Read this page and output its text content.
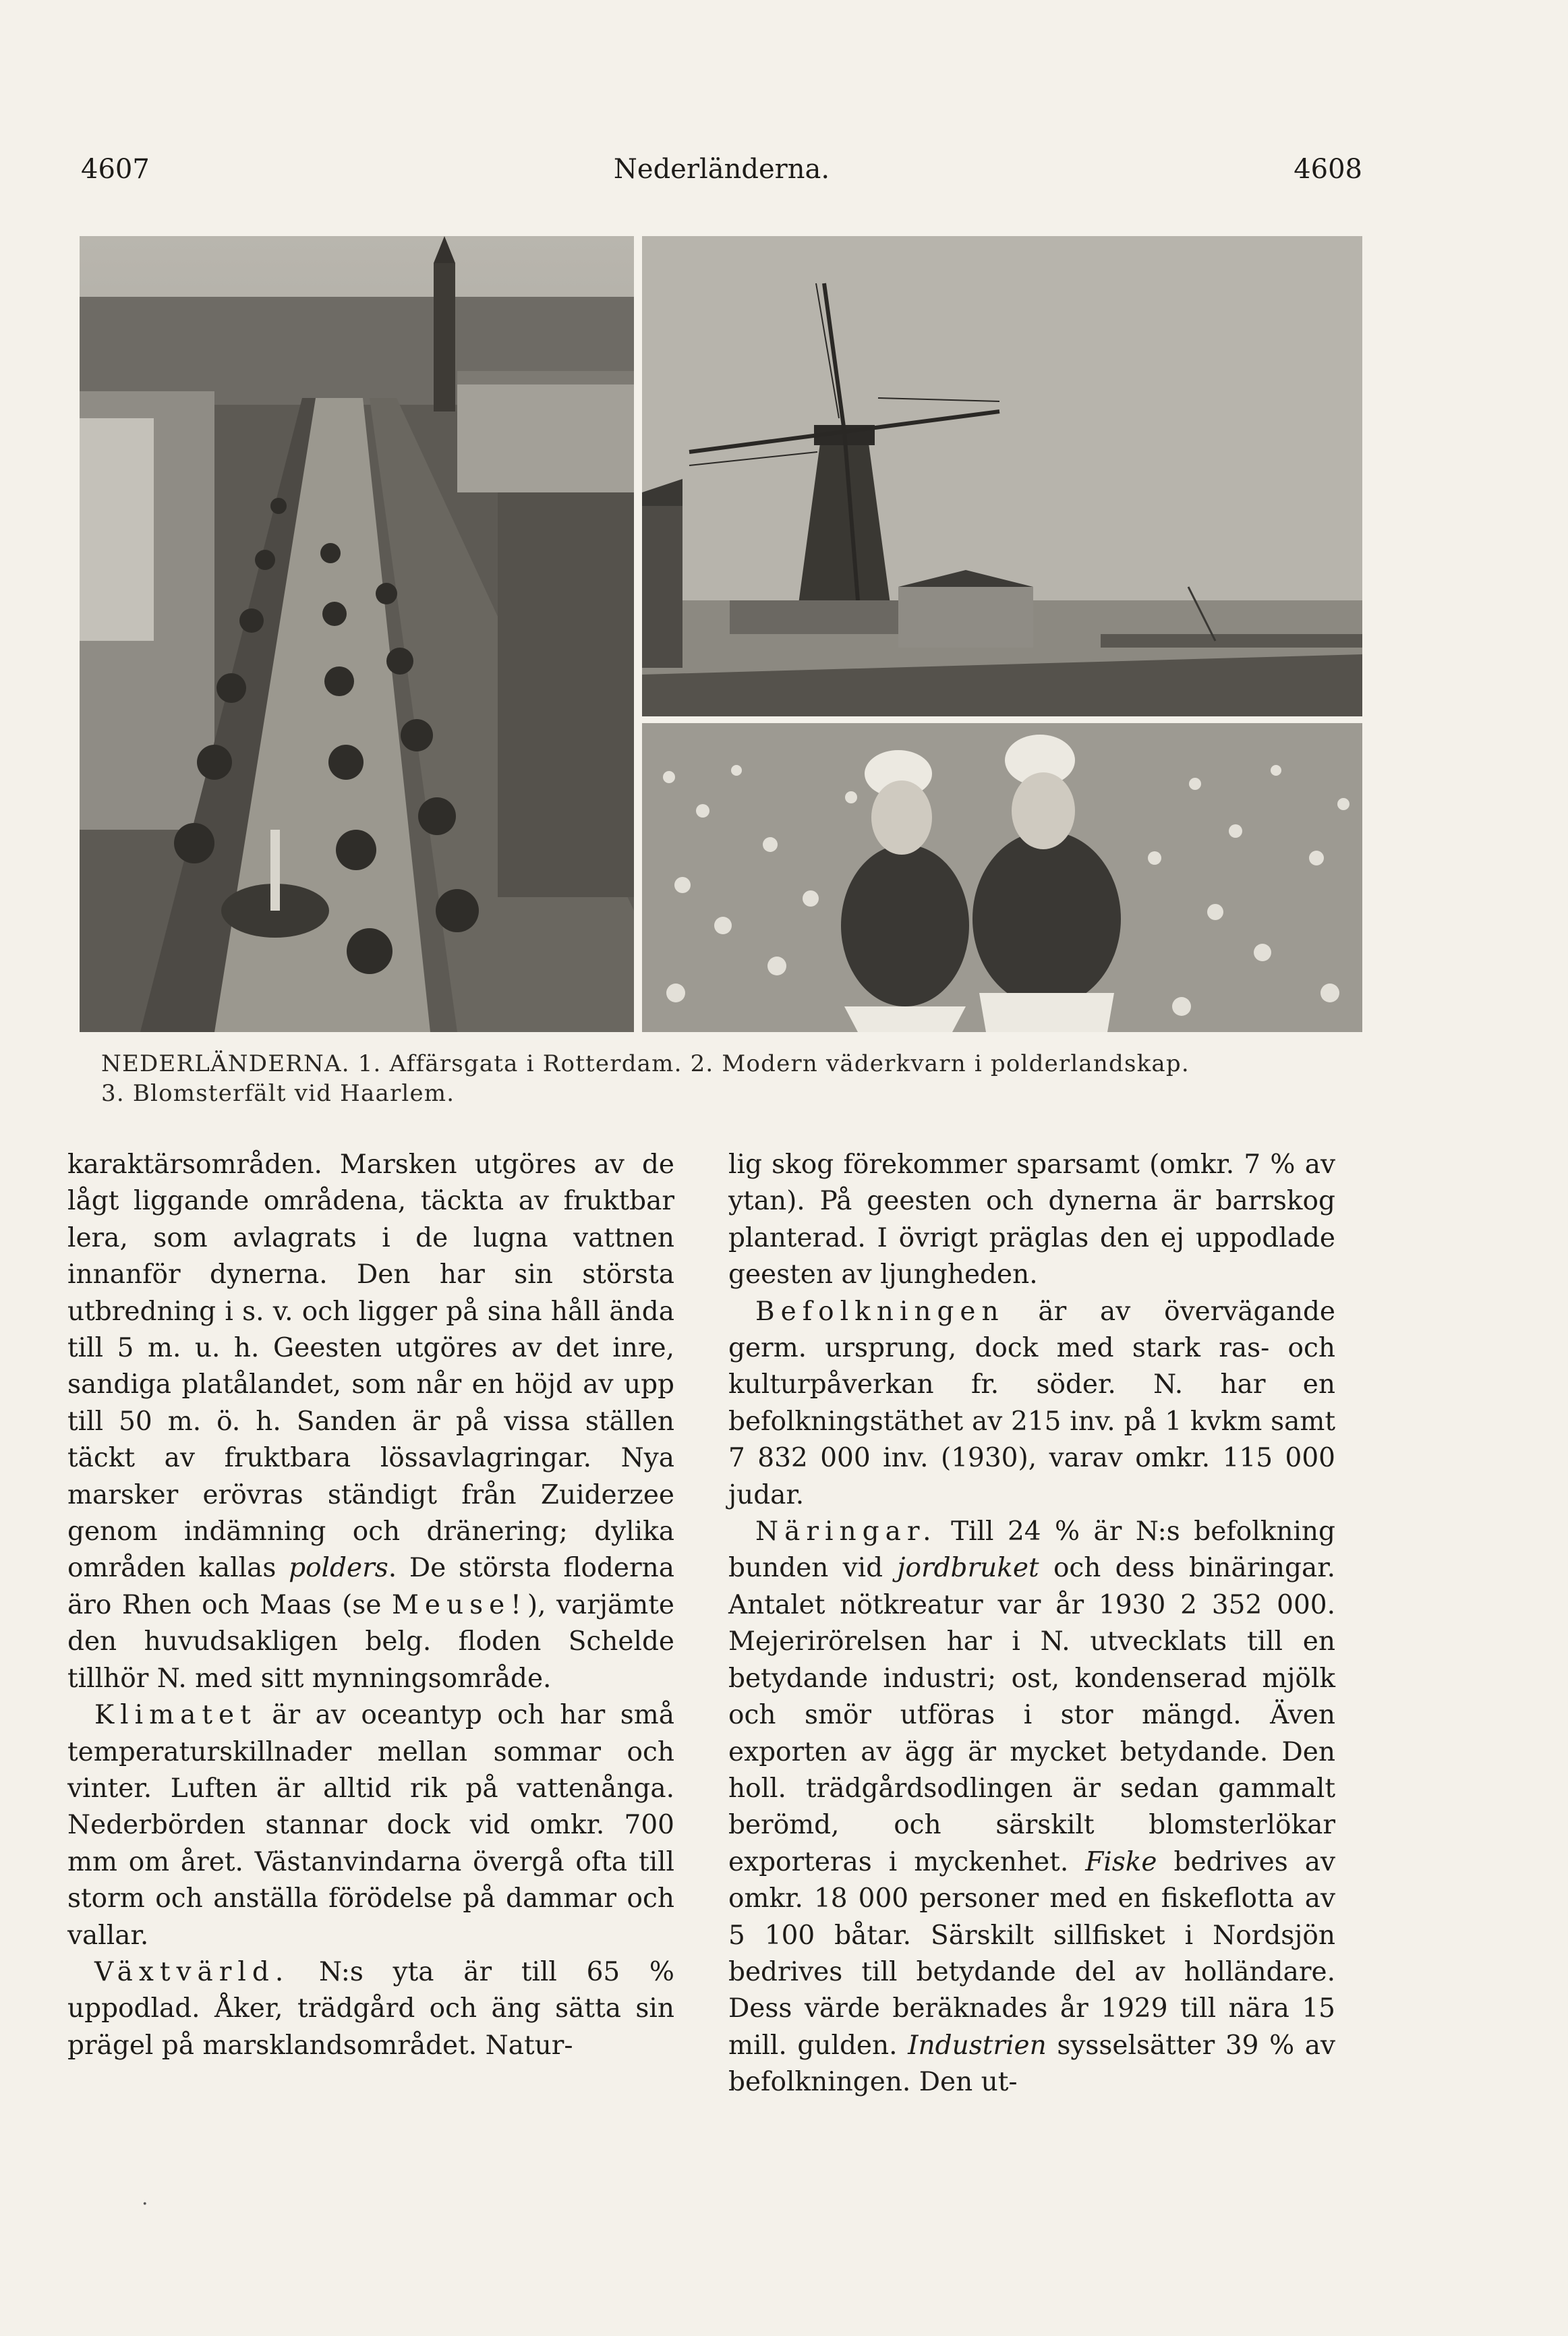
4607	Nederländerna.	4608
NEDERLÄNDERNA. 1. Affärsgata i Rotterdam. 2. Modern väderkvarn i polderlandskap.
3. Blomsterfält vid Haarlem.

karaktärsområden. Marsken utgöres av de lågt liggande områdena, täckta av fruktbar lera, som avlagrats i de lugna vattnen innanför dynerna. Den har sin största utbredning i s. v. och ligger på sina håll ända till 5 m. u. h. Geesten utgöres av det inre, sandiga platålandet, som når en höjd av upp till 50 m. ö. h. Sanden är på vissa ställen täckt av fruktbara lössavlagringar. Nya marsker erövras ständigt från Zuiderzee genom indämning och dränering; dylika områden kallas polders. De största floderna äro Rhen och Maas (se Meuse!), varjämte den huvudsakligen belg. floden Schelde tillhör N. med sitt mynningsområde.

Klimatet är av oceantyp och har små temperaturskillnader mellan sommar och vinter. Luften är alltid rik på vattenånga. Nederbörden stannar dock vid omkr. 700 mm om året. Västanvindarna övergå ofta till storm och anställa förödelse på dammar och vallar.

Växtvärld. N:s yta är till 65 % uppodlad. Åker, trädgård och äng sätta sin prägel på marsklandsområdet. Natur-

lig skog förekommer sparsamt (omkr. 7 % av ytan). På geesten och dynerna är barrskog planterad. I övrigt präglas den ej uppodlade geesten av ljungheden.

Befolkningen är av övervägande germ. ursprung, dock med stark ras- och kulturpåverkan fr. söder. N. har en befolkningstäthet av 215 inv. på 1 kvkm samt 7 832 000 inv. (1930), varav omkr. 115 000 judar.

Näringar. Till 24 % är N:s befolkning bunden vid jordbruket och dess binäringar. Antalet nötkreatur var år 1930 2 352 000. Mejerirörelsen har i N. utvecklats till en betydande industri; ost, kondenserad mjölk och smör utföras i stor mängd. Även exporten av ägg är mycket betydande. Den holl. trädgårdsodlingen är sedan gammalt berömd, och särskilt blomsterlökar exporteras i myckenhet. Fiske bedrives av omkr. 18 000 personer med en fiskeflotta av 5 100 båtar. Särskilt sillfisket i Nordsjön bedrives till betydande del av holländare. Dess värde beräknades år 1929 till nära 15 mill. gulden. Industrien sysselsätter 39 % av befolkningen. Den ut-

·
